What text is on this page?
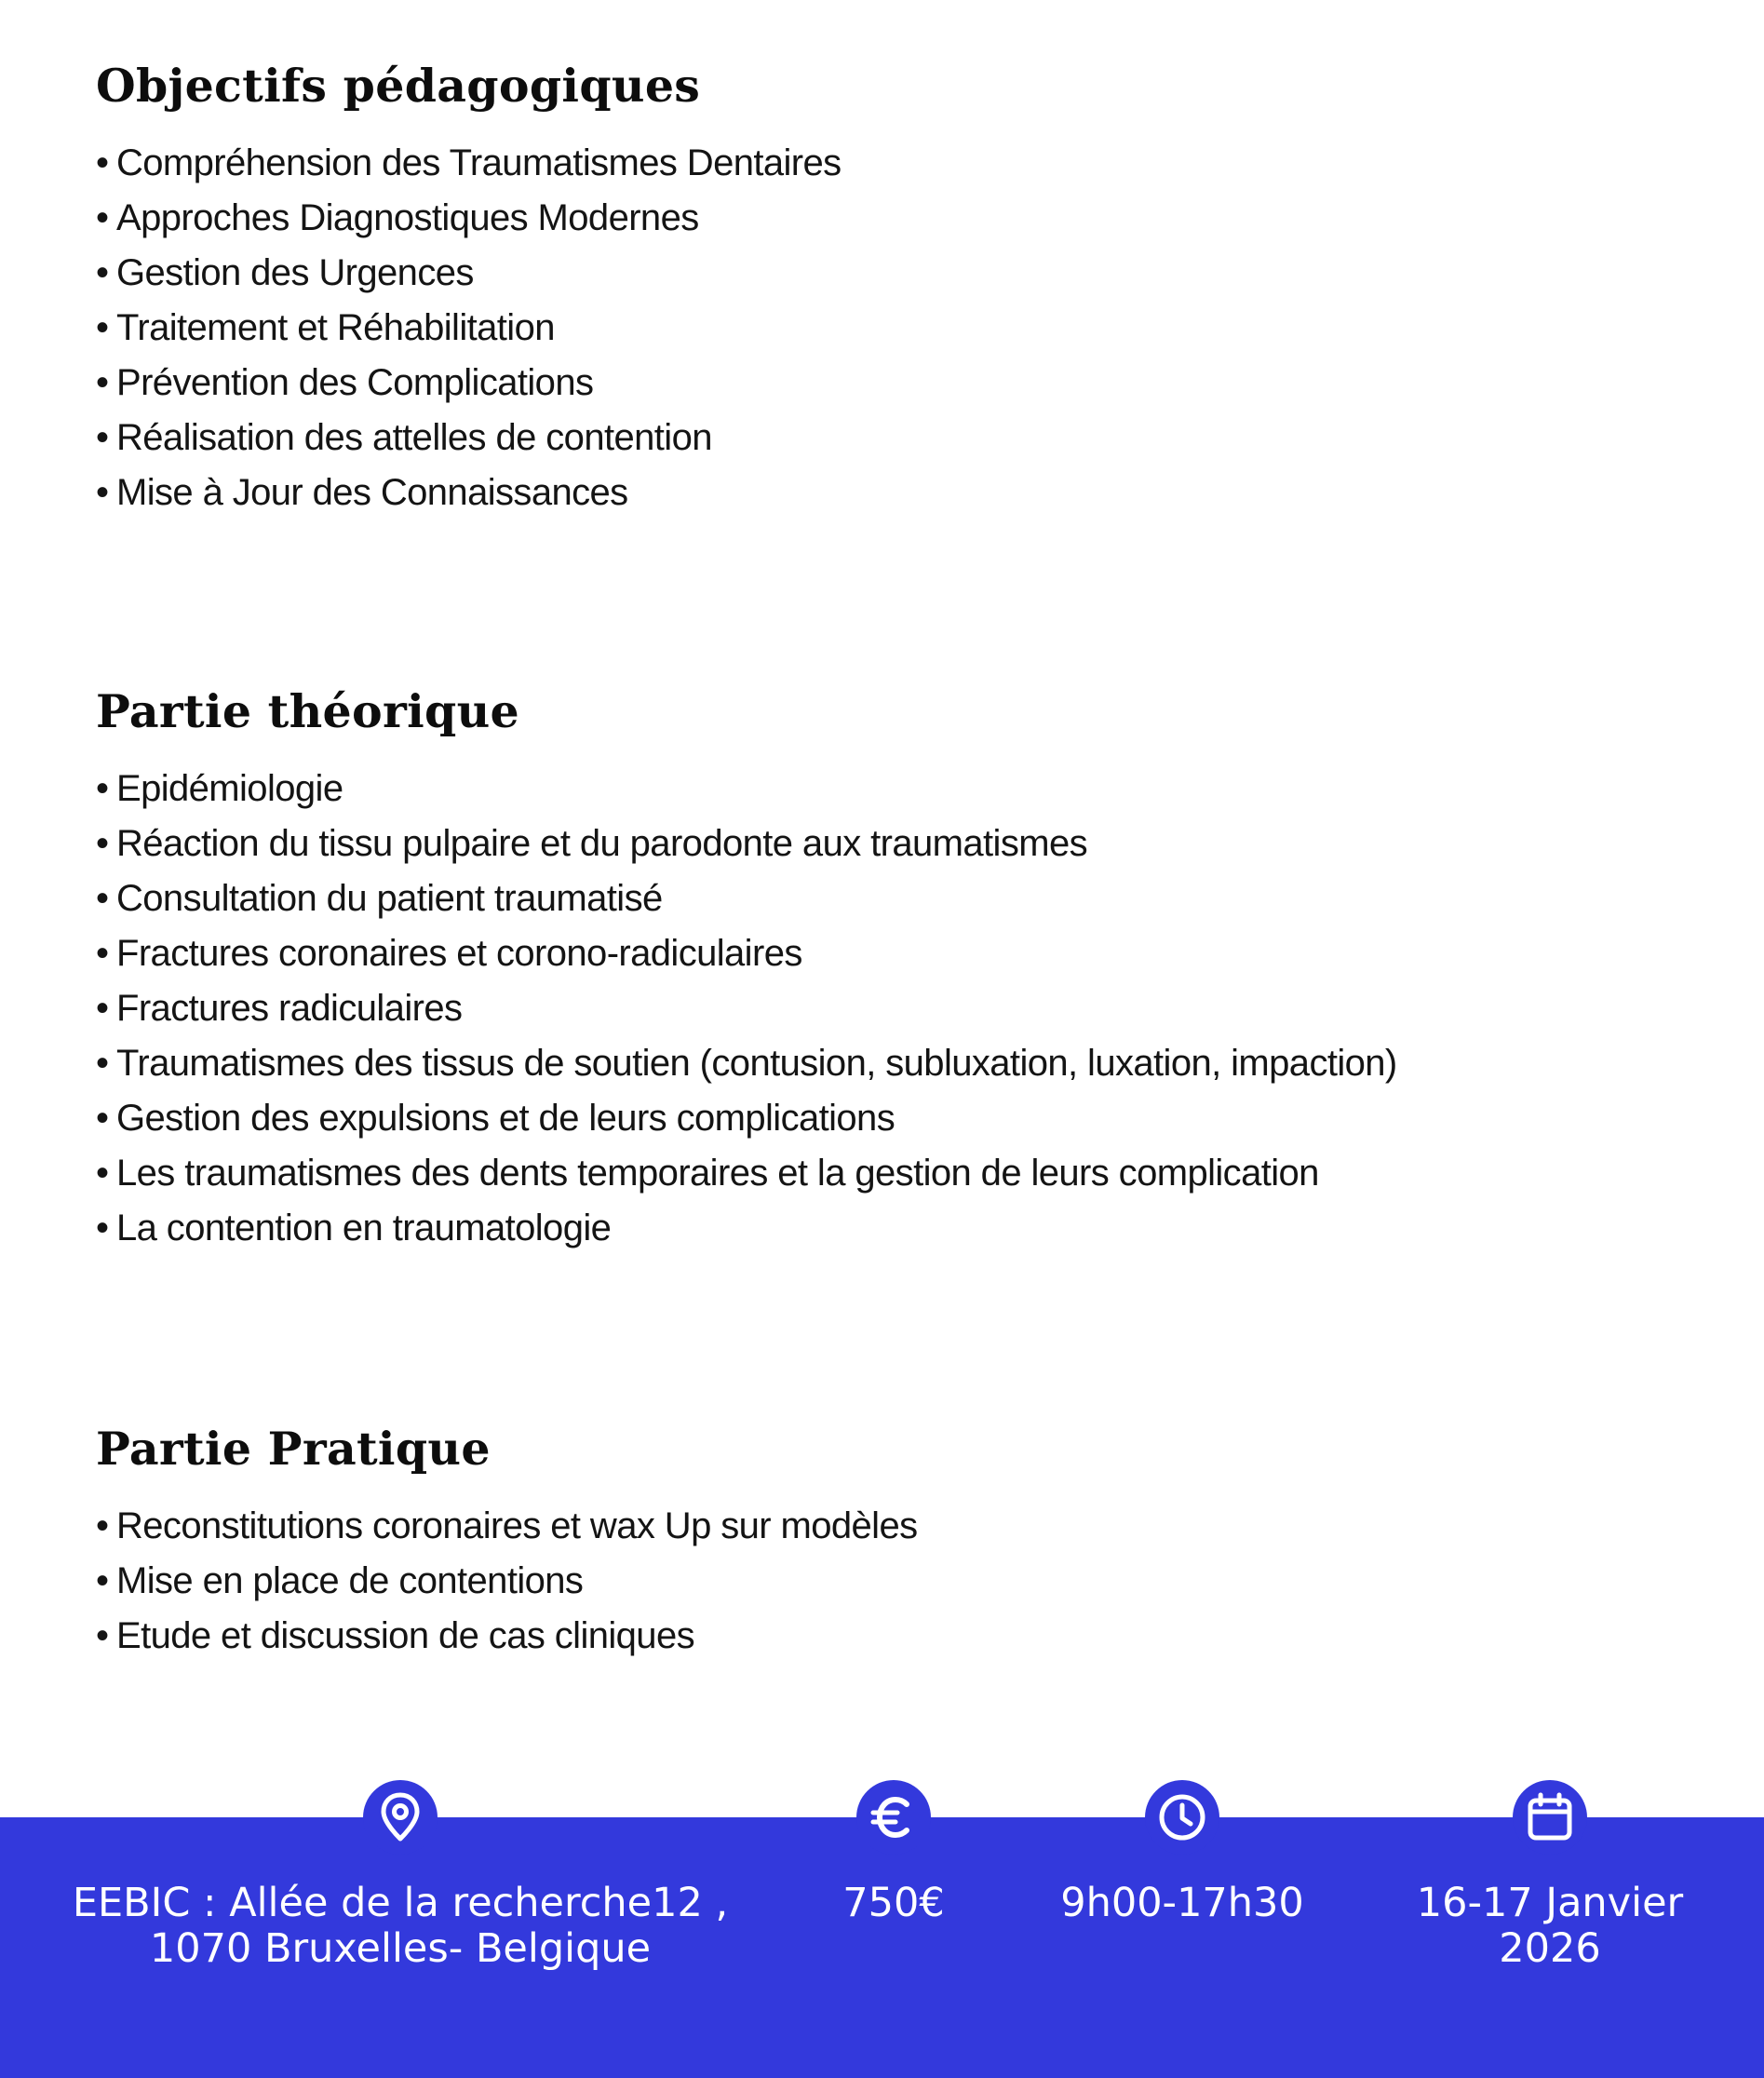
Objectifs pédagogiques
• Compréhension des Traumatismes Dentaires
• Approches Diagnostiques Modernes
• Gestion des Urgences
• Traitement et Réhabilitation
• Prévention des Complications
• Réalisation des attelles de contention
• Mise à Jour des Connaissances
Partie théorique
• Epidémiologie
• Réaction du tissu pulpaire et du parodonte aux traumatismes
• Consultation du patient traumatisé
• Fractures coronaires et corono-radiculaires
• Fractures radiculaires
• Traumatismes des tissus de soutien (contusion, subluxation, luxation, impaction)
• Gestion des expulsions et de leurs complications
• Les traumatismes des dents temporaires et la gestion de leurs complication
• La contention en traumatologie
Partie Pratique
• Reconstitutions coronaires et wax Up sur modèles
• Mise en place de contentions
• Etude et discussion de cas cliniques
EEBIC : Allée de la recherche12 ,
1070 Bruxelles- Belgique
750€	9h00-17h30	16-17 Janvier
2026
